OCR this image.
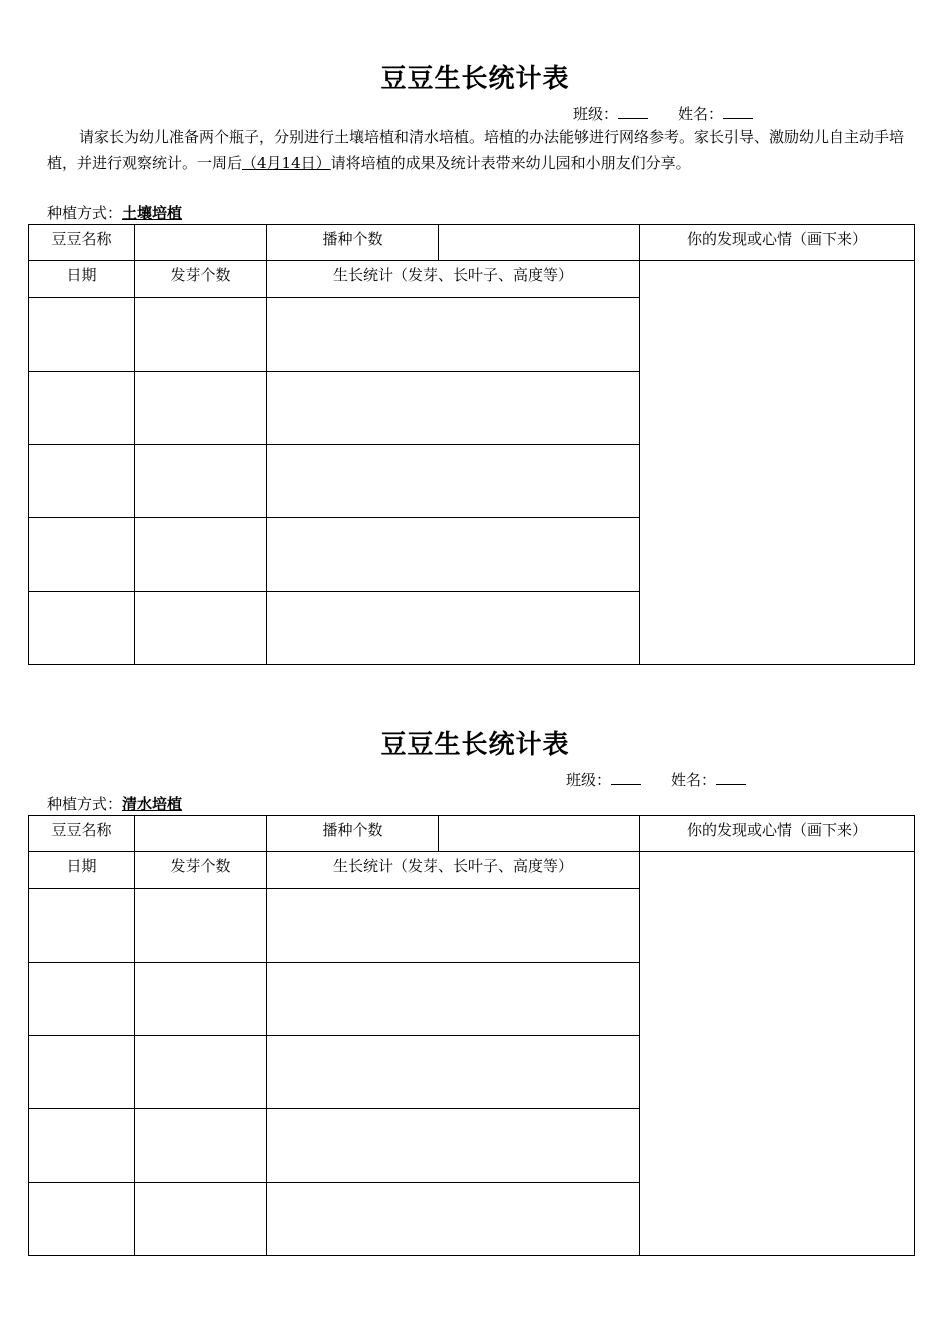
豆豆生长统计表
班级：	姓名：
请家长为幼儿准备两个瓶子，分别进行土壤培植和清水培植。培植的办法能够进行网络参考。家长引导、激励幼儿自主动手培植，并进行观察统计。一周后（4月14日）请将培植的成果及统计表带来幼儿园和小朋友们分享。
种植方式：土壤培植
豆豆名称		播种个数		你的发现或心情（画下来）
日期	发芽个数	生长统计（发芽、长叶子、高度等）		

豆豆生长统计表
班级：	姓名：
种植方式：清水培植
豆豆名称		播种个数		你的发现或心情（画下来）
日期	发芽个数	生长统计（发芽、长叶子、高度等）		
